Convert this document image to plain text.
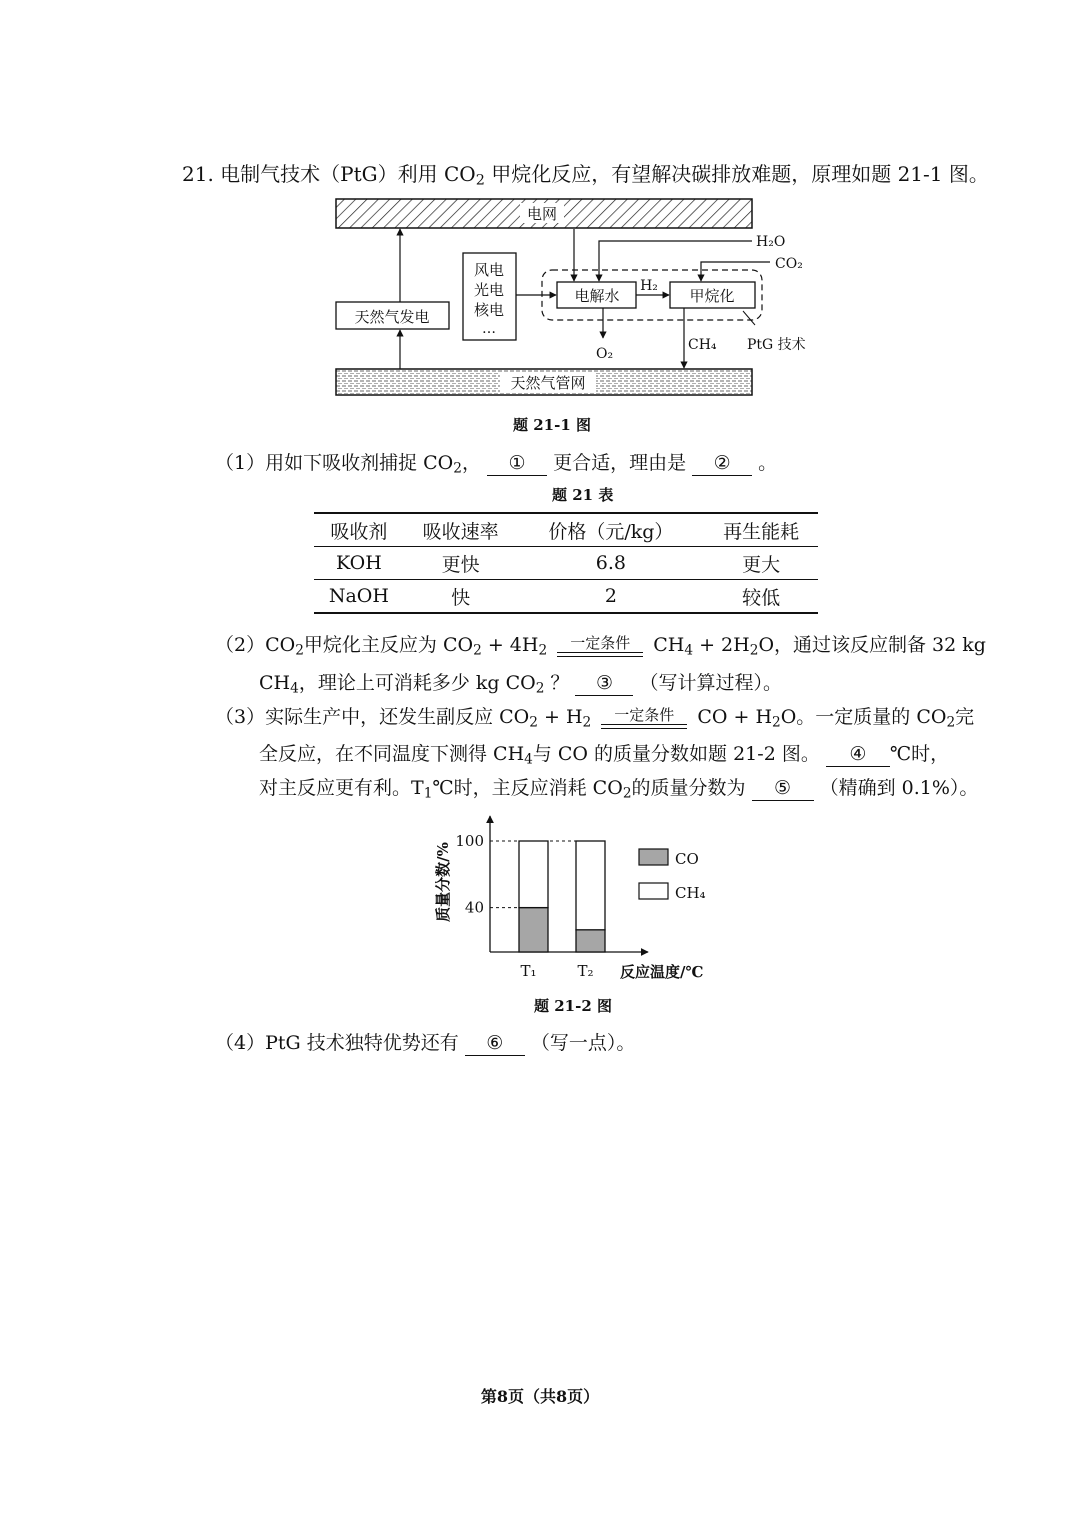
21. 电制气技术（PtG）利用 $CO_2$ 甲烷化反应，有望解决碳排放难题，原理如题 21-1 图。
电网
天然气管网
天然气发电
风电
光电
核电
…
电解水	甲烷化
H₂
H₂O
CO₂
O₂
CH₄ PtG 技术
题 21-1 图
（1）用如下吸收剂捕捉 $CO_2$， ① 更合适，理由是 ② 。
题 21 表
吸收剂	吸收速率	价格（元/kg）	再生能耗
KOH	更快	6.8	更大
NaOH	快	2	较低
$(2)CO_2$甲烷化主反应为 $CO_2 + 4H_2$	一定条件	$CH_4 + 2H_2O$，通过该反应制备 32 kg
$CH_4$，理论上可消耗多少 kg $CO_2$ ？ ③ （写计算过程）。
（3）实际生产中，还发生副反应 $CO_2 + H_2$	一定条件	CO + $H_2O$。一定质量的 $CO_2$完
全反应，在不同温度下测得 $CH_4$与 CO 的质量分数如题 21-2 图。 ④ ℃时，
对主反应更有利。$T_1℃$时，主反应消耗 $CO_2$的质量分数为 ⑤ （精确到 0.1%）。
T₁	T₂
40
100
质量分数/%
反应温度/℃
CO
CH₄
题 21-2 图
（4）PtG 技术独特优势还有 ⑥ （写一点）。
第8页（共8页）
